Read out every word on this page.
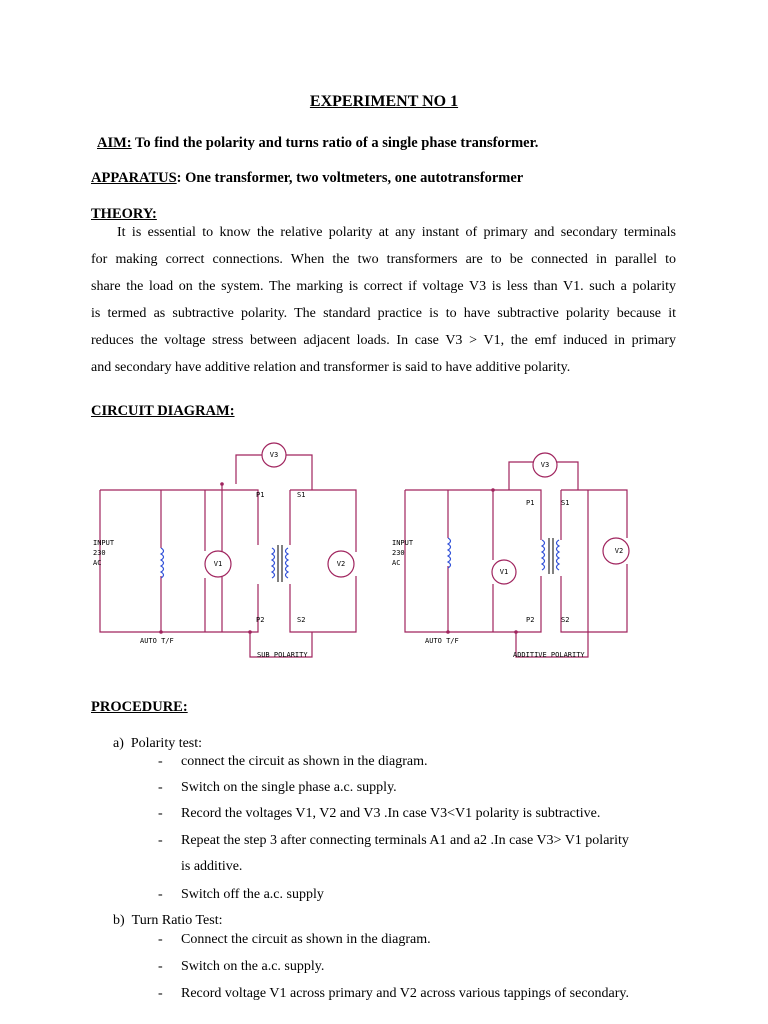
EXPERIMENT NO 1
AIM: To find the polarity and turns ratio of a single phase transformer.
APPARATUS: One transformer, two voltmeters, one autotransformer
THEORY:
It is essential to know the relative polarity at any instant of primary and secondary terminals
for making correct connections. When the two transformers are to be connected in parallel to
share the load on the system. The marking is correct if voltage V3 is less than V1. such a polarity
is termed as subtractive polarity. The standard practice is to have subtractive polarity because it
reduces the voltage stress between adjacent loads. In case V3 > V1, the emf induced in primary
and secondary have additive relation and transformer is said to have additive polarity.
CIRCUIT DIAGRAM:
V3
V1	V2
P1	S1
P2	S2
INPUT
230
AC
AUTO T/F
SUB POLARITY
V3
V1
V2
P1	S1
P2	S2
INPUT
230
AC
AUTO T/F
ADDITIVE POLARITY
PROCEDURE:
a)  Polarity test:
- connect the circuit as shown in the diagram.
- Switch on the single phase a.c. supply.
- Record the voltages V1, V2 and V3 .In case V3<V1 polarity is subtractive.
- Repeat the step 3 after connecting terminals A1 and a2 .In case V3> V1 polarity
is additive.
- Switch off the a.c. supply
b)  Turn Ratio Test:
- Connect the circuit as shown in the diagram.
- Switch on the a.c. supply.
- Record voltage V1 across primary and V2 across various tappings of secondary.
